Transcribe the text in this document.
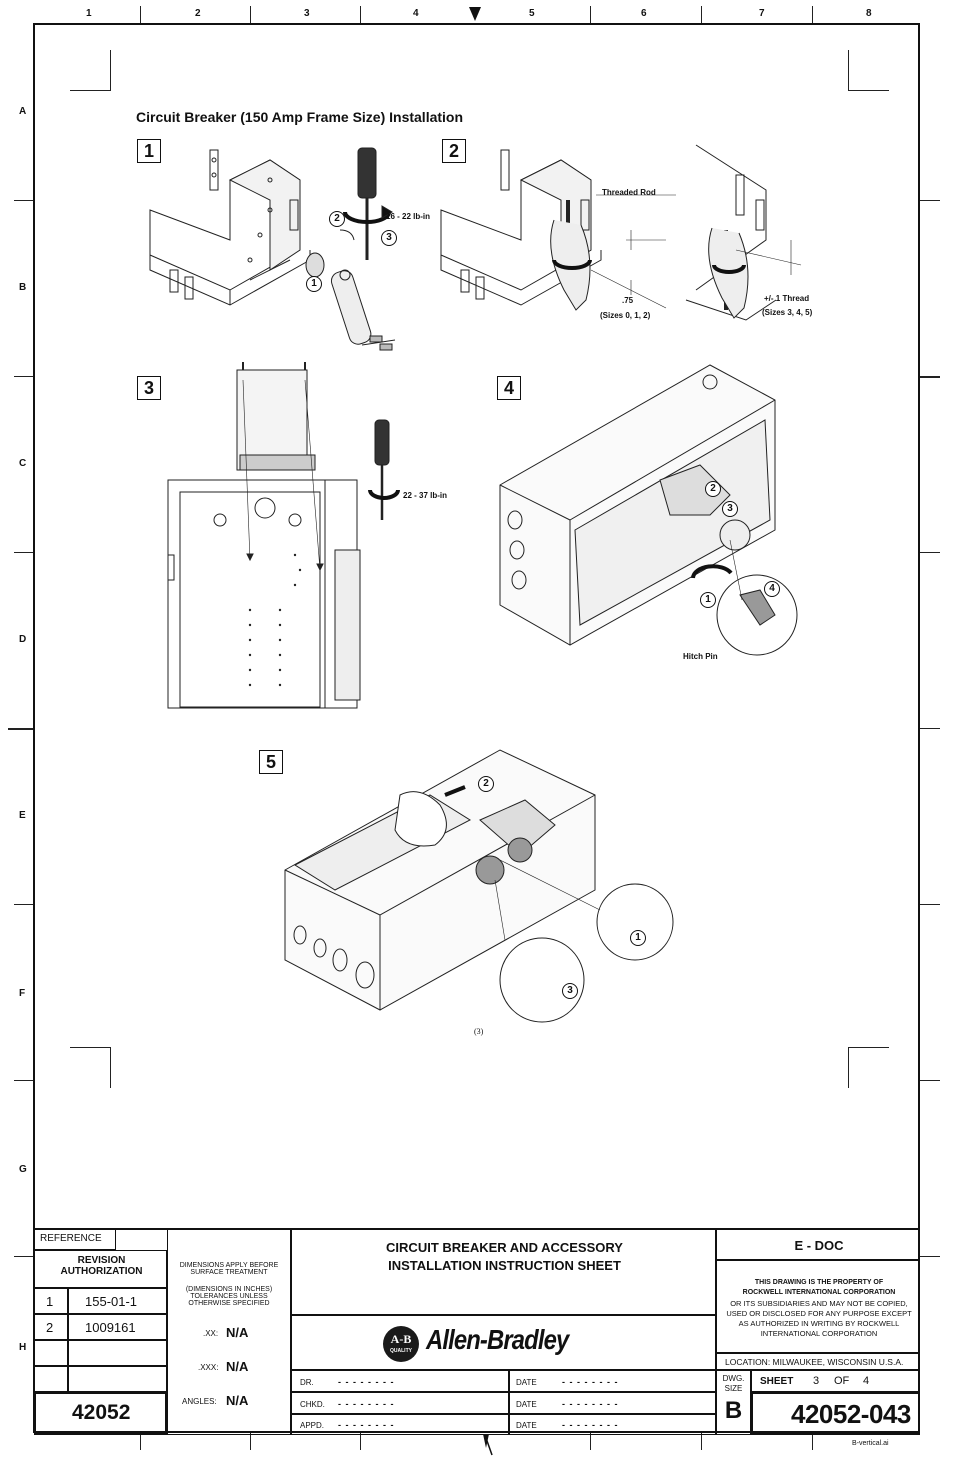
1	2	3	4	5	6	7	8
A
B
C
D
E
F
G
H
Circuit Breaker (150 Amp Frame Size) Installation
1	2
3	4
5
16 - 22 lb-in
2
3
1
Threaded Rod
.75
(Sizes 0, 1, 2)
+/- 1 Thread
(Sizes 3, 4, 5)
22 - 37 lb-in
2
3
4
1
Hitch Pin
2
1
3
(3)
REFERENCE
REVISION AUTHORIZATION
1 155-01-1
2 1009161
42052
DIMENSIONS APPLY BEFORE SURFACE TREATMENT
(DIMENSIONS IN INCHES) TOLERANCES UNLESS OTHERWISE SPECIFIED
.XX: N/A
.XXX: N/A
ANGLES: N/A
CIRCUIT BREAKER AND ACCESSORY
INSTALLATION INSTRUCTION SHEET
A-B
QUALITY Allen-Bradley
DR.	- - - - - - - -	DATE	- - - - - - - -
CHKD. - - - - - - - -	DATE	- - - - - - - -
APPD. - - - - - - - -	DATE	- - - - - - - -
E - DOC
THIS DRAWING IS THE PROPERTY OF
ROCKWELL INTERNATIONAL CORPORATION
OR ITS SUBSIDIARIES AND MAY NOT BE COPIED, USED OR DISCLOSED FOR ANY PURPOSE EXCEPT AS AUTHORIZED IN WRITING BY ROCKWELL INTERNATIONAL CORPORATION
LOCATION: MILWAUKEE, WISCONSIN U.S.A.
DWG. SIZE
B
SHEET 3 OF 4
42052-043
B-vertical.ai
